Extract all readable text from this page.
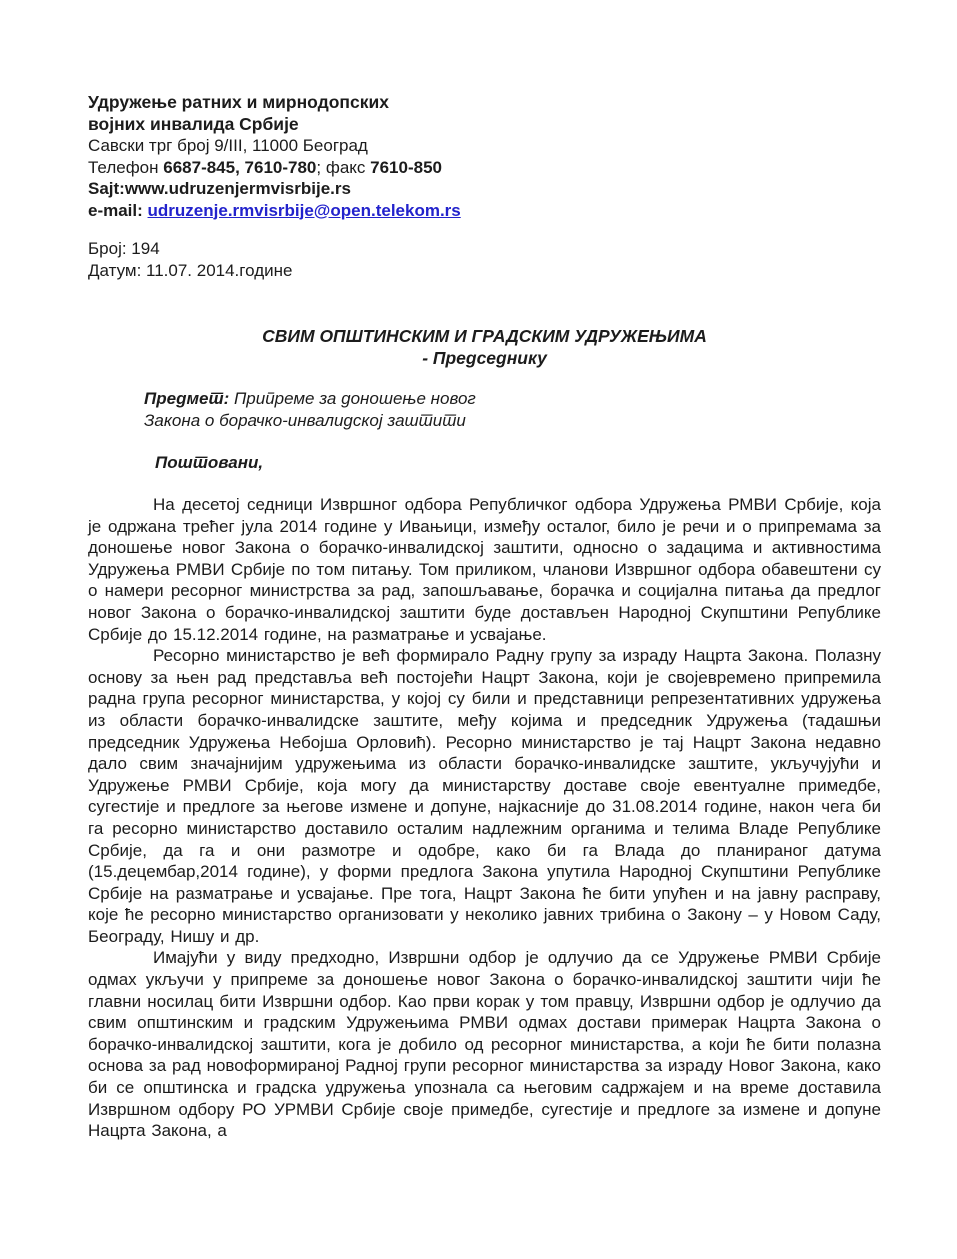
Удружење ратних и мирнодопских
војних инвалида Србије
Савски трг број 9/III, 11000 Београд
Телефон 6687-845, 7610-780; факс 7610-850
Sajt:www.udruzenjermvisrbije.rs
e-mail: udruzenje.rmvisrbije@open.telekom.rs
Број: 194
Датум: 11.07. 2014.године
СВИМ ОПШТИНСКИМ И ГРАДСКИМ УДРУЖЕЊИМА
- Председнику
Предмет: Припреме за доношење новог
Закона о борачко-инвалидској заштити
Поштовани,

На десетој седници Извршног одбора Републичког одбора Удружења РМВИ Србије, која је одржана трећег јула 2014 године у Ивањици, између осталог, било је речи и о припремама за доношење новог Закона о борачко-инвалидској заштити, односно о задацима и активностима Удружења РМВИ Србије по том питању. Том приликом, чланови Извршног одбора обавештени су о намери ресорног министрства за рад, запошљавање, борачка и социјална питања да предлог новог Закона о борачко-инвалидској заштити буде достављен Народној Скупштини Републике Србије до 15.12.2014 године, на разматрање и усвајање.

Ресорно министарство је већ формирало Радну групу за израду Нацрта Закона. Полазну основу за њен рад представља већ постојећи Нацрт Закона, који је својевремено припремила радна група ресорног министарства, у којој су били и представници репрезентативних удружења из области борачко-инвалидске заштите, међу којима и председник Удружења (тадашњи председник Удружења Небојша Орловић). Ресорно министарство је тај Нацрт Закона недавно дало свим значајнијим удружењима из области борачко-инвалидске заштите, укључујући и Удружење РМВИ Србије, која могу да министарству доставе своје евентуалне примедбе, сугестије и предлоге за његове измене и допуне, најкасније до 31.08.2014 године, након чега би га ресорно министарство доставило осталим надлежним органима и телима Владе Републике Србије, да га и они размотре и одобре, како би га Влада до планираног датума (15.децембар,2014 године), у форми предлога Закона упутила Народној Скупштини Републике Србије на разматрање и усвајање. Пре тога, Нацрт Закона ће бити упућен и на јавну расправу, које ће ресорно министарство организовати у неколико јавних трибина о Закону – у Новом Саду, Београду, Нишу и др.

Имајући у виду предходно, Извршни одбор је одлучио да се Удружење РМВИ Србије одмах укључи у припреме за доношење новог Закона о борачко-инвалидској заштити чији ће главни носилац бити Извршни одбор. Као први корак у том правцу, Извршни одбор је одлучио да свим општинским и градским Удружењима РМВИ одмах достави примерак Нацрта Закона о борачко-инвалидској заштити, кога је добило од ресорног министарства, а који ће бити полазна основа за рад новоформираној Радној групи ресорног министарства за израду Новог Закона, како би се општинска и градска удружења упознала са његовим садржајем и на време доставила Извршном одбору РО УРМВИ Србије своје примедбе, сугестије и предлоге за измене и допуне Нацрта Закона, а
